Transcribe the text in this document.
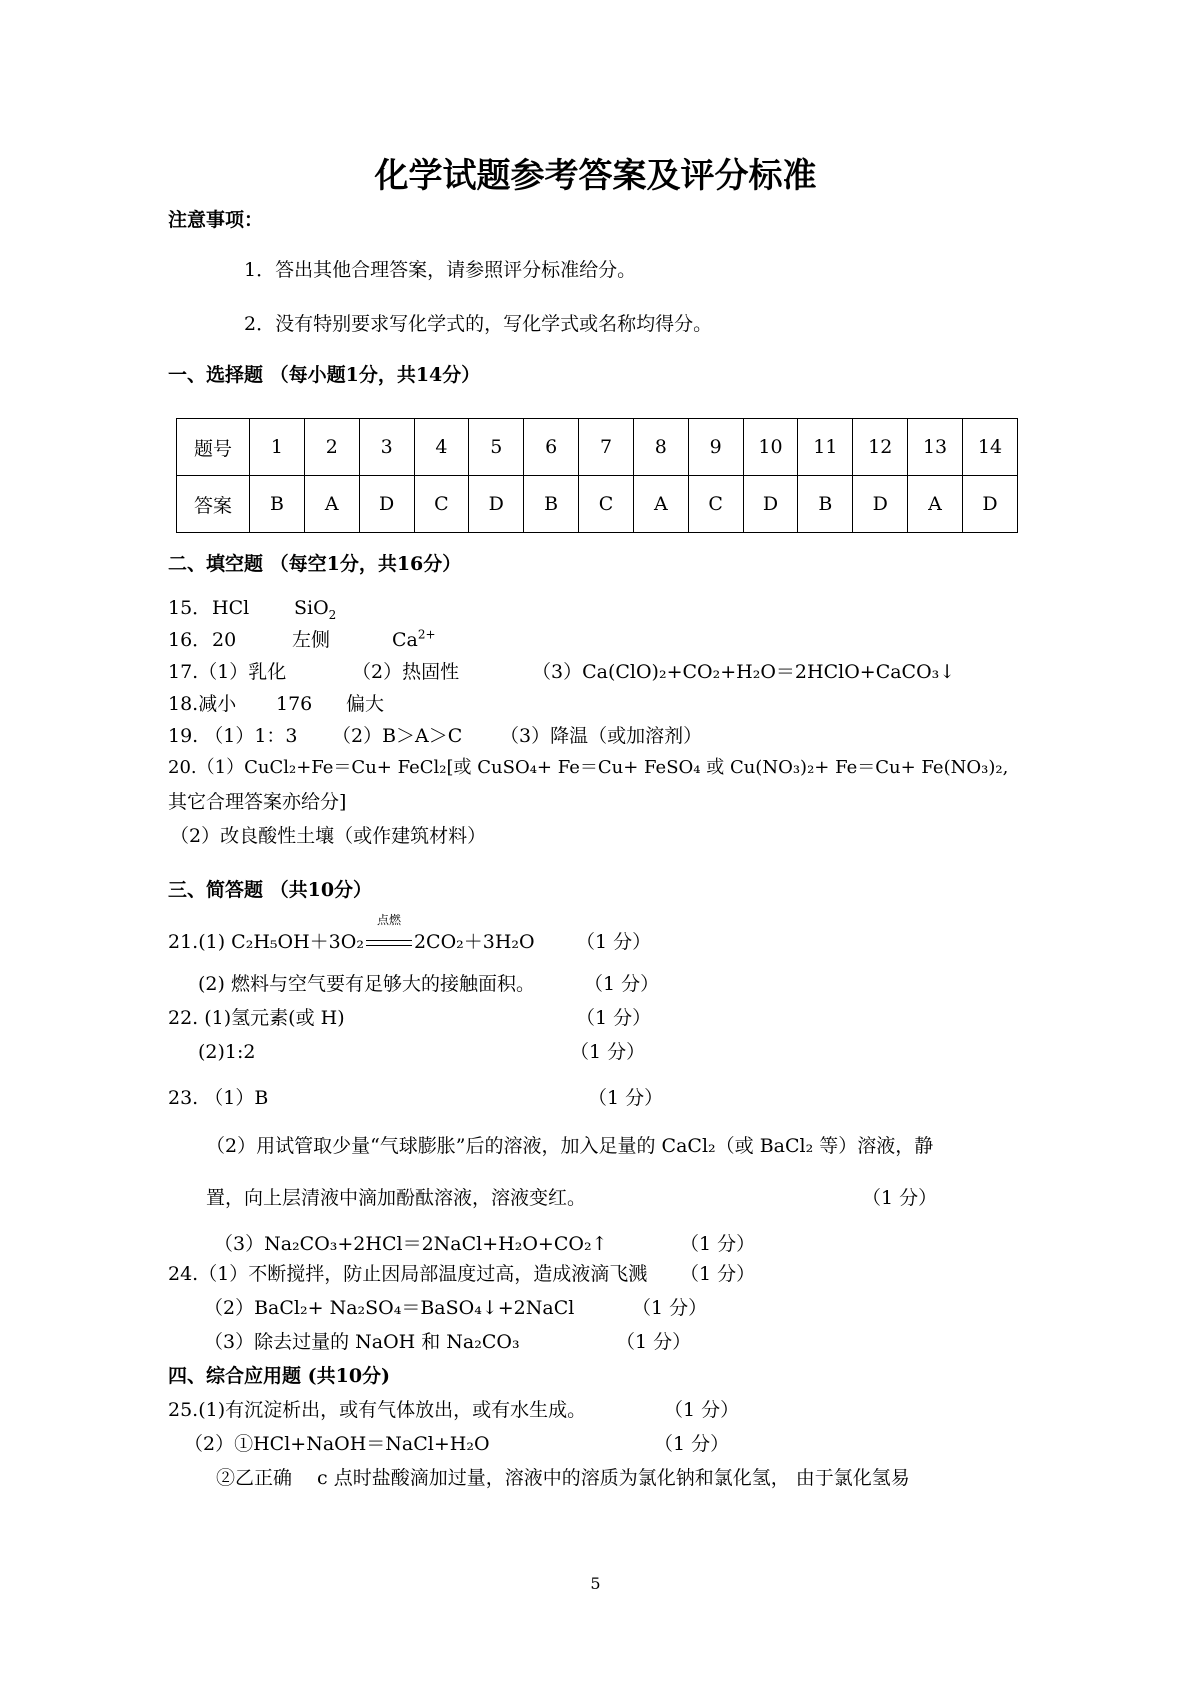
化学试题参考答案及评分标准
注意事项：
1．答出其他合理答案，请参照评分标准给分。
2．没有特别要求写化学式的，写化学式或名称均得分。
一、选择题 （每小题1分，共14分）
题号	1	2	3	4	5	6	7	8	9	10	11	12	13	14
答案	B	A	D	C	D	B	C	A	C	D	B	D	A	D
二、填空题 （每空1分，共16分）
15． HCl SiO$_2$
16． 20	左侧	$Ca^{2+}$
17.（1）乳化	（2）热固性	（3）Ca(ClO)₂+CO₂+H₂O＝2HClO+CaCO₃↓
18.减小 176 偏大
19. （1）1：3 （2）B＞A＞C （3）降温（或加溶剂）
20.（1）CuCl₂+Fe＝Cu+ FeCl₂[或 CuSO₄+ Fe＝Cu+ FeSO₄ 或 Cu(NO₃)₂+ Fe＝Cu+ Fe(NO₃)₂,
其它合理答案亦给分]
（2）改良酸性土壤（或作建筑材料）
三、简答题 （共10分）
21.(1) C₂H₅OH＋3O₂
点燃
2CO₂＋3H₂O （1 分）
(2) 燃料与空气要有足够大的接触面积。	（1 分）
22. (1)氢元素(或 H)	（1 分）
(2)1:2	（1 分）
23. （1）B	（1 分）
（2）用试管取少量“气球膨胀”后的溶液，加入足量的 CaCl₂（或 BaCl₂ 等）溶液，静
置，向上层清液中滴加酚酞溶液，溶液变红。	（1 分）
（3）Na₂CO₃+2HCl＝2NaCl+H₂O+CO₂↑	（1 分）
24.（1）不断搅拌，防止因局部温度过高，造成液滴飞溅 （1 分）
（2）BaCl₂+ Na₂SO₄＝BaSO₄↓+2NaCl	（1 分）
（3）除去过量的 NaOH 和 Na₂CO₃	（1 分）
四、综合应用题 (共10分)
25.(1)有沉淀析出，或有气体放出，或有水生成。	（1 分）
（2）①HCl+NaOH＝NaCl+H₂O	（1 分）
②乙正确　 c 点时盐酸滴加过量，溶液中的溶质为氯化钠和氯化氢， 由于氯化氢易
5
